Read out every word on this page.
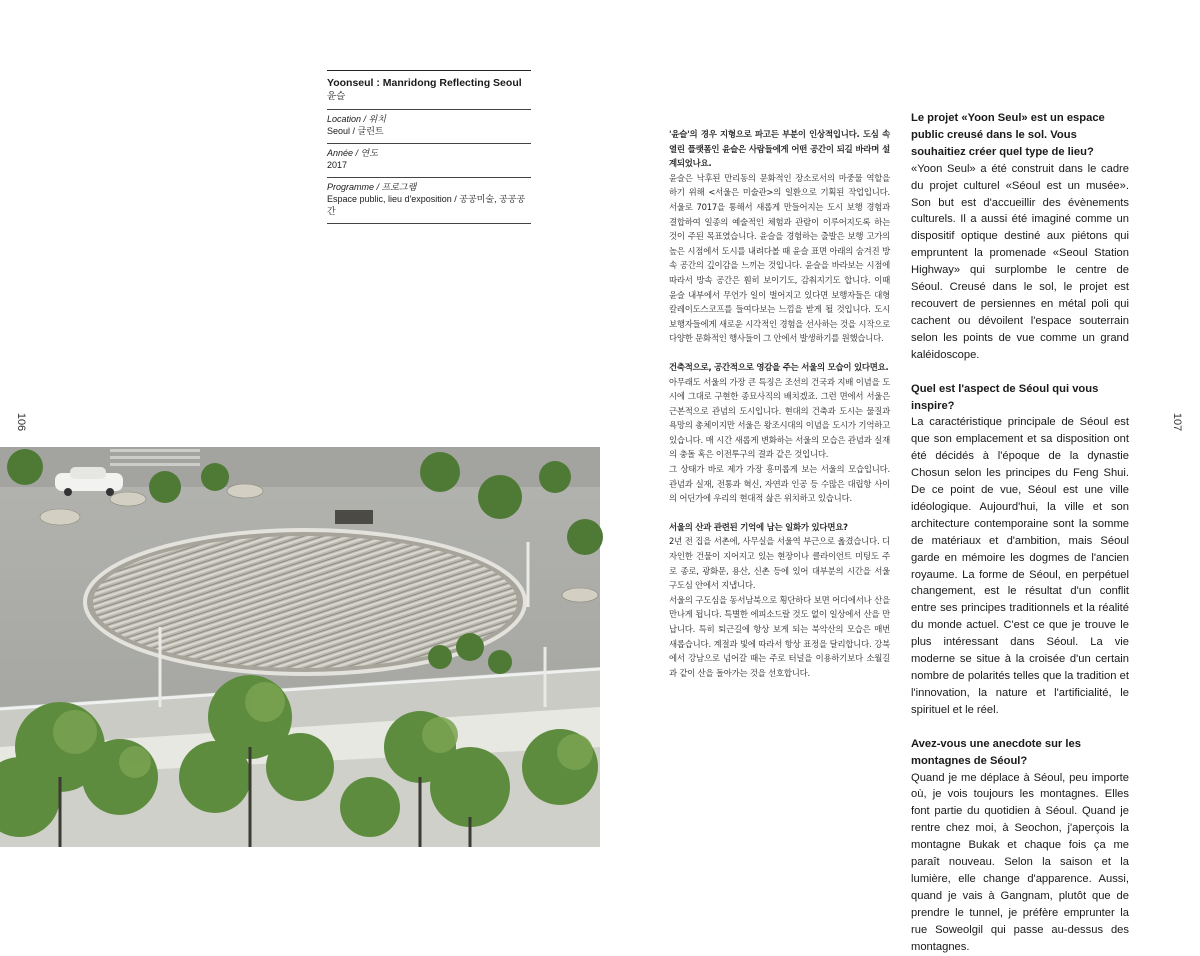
106	107
Yoonseul : Manridong Reflecting Seoul
윤슬
Location / 위치
Seoul / 글린트
Année / 연도
2017
Programme / 프로그램
Espace public, lieu d'exposition / 공공미술, 공공공간

'윤슬'의 경우 지형으로 파고든 부분이 인상적입니다. 도심 속 열린 플랫폼인 윤슬은 사람들에게 어떤 공간이 되길 바라며 설계되었나요.

윤슬은 낙후된 만리동의 문화적인 장소로서의 마중물 역할을 하기 위해 <서울은 미술관>의 일환으로 기획된 작업입니다. 서울로 7017을 통해서 새롭게 만들어지는 도시 보행 경험과 결합하여 일종의 예술적인 체험과 관람이 이루어지도록 하는 것이 주된 목표였습니다. 윤슬을 경험하는 출발은 보행 고가의 높은 시점에서 도시를 내려다볼 때 윤슬 표면 아래의 숨겨진 방속 공간의 깊이감을 느끼는 것입니다. 윤슬을 바라보는 시점에 따라서 방속 공간은 훤히 보이기도, 감춰지기도 합니다. 이때 윤슬 내부에서 무언가 일이 벌어지고 있다면 보행자들은 대형 칼레이도스코프를 들여다보는 느낌을 받게 될 것입니다. 도시 보행자들에게 새로운 시각적인 경험을 선사하는 것을 시작으로 다양한 문화적인 행사들이 그 안에서 발생하기를 원했습니다.

건축적으로, 공간적으로 영감을 주는 서울의 모습이 있다면요.

아무래도 서울의 가장 큰 특징은 조선의 건국과 지배 이념을 도시에 그대로 구현한 종묘사직의 배치겠죠. 그런 면에서 서울은 근본적으로 관념의 도시입니다. 현대의 건축과 도시는 물질과 욕망의 총체이지만 서울은 왕조시대의 이념을 도시가 기억하고 있습니다. 매 시간 새롭게 변화하는 서울의 모습은 관념과 실재의 충돌 혹은 이전투구의 결과 같은 것입니다.

그 상태가 바로 제가 가장 흥미롭게 보는 서울의 모습입니다. 관념과 실재, 전통과 혁신, 자연과 인공 등 수많은 대립항 사이의 어딘가에 우리의 현대적 삶은 위치하고 있습니다.

서울의 산과 관련된 기억에 남는 일화가 있다면요?

2년 전 집을 서촌에, 사무실을 서울역 부근으로 옮겼습니다. 디자인한 건물이 지어지고 있는 현장이나 클라이언트 미팅도 주로 종로, 광화문, 용산, 신촌 등에 있어 대부분의 시간을 서울 구도심 안에서 지냅니다.

서울의 구도심을 동서남북으로 횡단하다 보면 어디에서나 산을 만나게 됩니다. 특별한 에피소드랄 것도 없이 일상에서 산을 만납니다. 특히 퇴근길에 항상 보게 되는 북악산의 모습은 매번 새롭습니다. 계절과 빛에 따라서 항상 표정을 달리합니다. 강북에서 강남으로 넘어갈 때는 주로 터널을 이용하기보다 소월길과 같이 산을 돌아가는 것을 선호합니다.

Le projet «Yoon Seul» est un espace public creusé dans le sol. Vous souhaitiez créer quel type de lieu?

«Yoon Seul» a été construit dans le cadre du projet culturel «Séoul est un musée». Son but est d'accueillir des évènements culturels. Il a aussi été imaginé comme un dispositif optique destiné aux piétons qui empruntent la promenade «Seoul Station Highway» qui surplombe le centre de Séoul. Creusé dans le sol, le projet est recouvert de persiennes en métal poli qui cachent ou dévoilent l'espace souterrain selon les points de vue comme un grand kaléidoscope.

Quel est l'aspect de Séoul qui vous inspire?

La caractéristique principale de Séoul est que son emplacement et sa disposition ont été décidés à l'époque de la dynastie Chosun selon les principes du Feng Shui. De ce point de vue, Séoul est une ville idéologique. Aujourd'hui, la ville et son architecture contemporaine sont la somme de matériaux et d'ambition, mais Séoul garde en mémoire les dogmes de l'ancien royaume. La forme de Séoul, en perpétuel changement, est le résultat d'un conflit entre ses principes traditionnels et la réalité du monde actuel. C'est ce que je trouve le plus intéressant dans Séoul. La vie moderne se situe à la croisée d'un certain nombre de polarités telles que la tradition et l'innovation, la nature et l'artificialité, le spirituel et le réel.

Avez-vous une anecdote sur les montagnes de Séoul?

Quand je me déplace à Séoul, peu importe où, je vois toujours les montagnes. Elles font partie du quotidien à Séoul. Quand je rentre chez moi, à Seochon, j'aperçois la montagne Bukak et chaque fois ça me paraît nouveau. Selon la saison et la lumière, elle change d'apparence. Aussi, quand je vais à Gangnam, plutôt que de prendre le tunnel, je préfère emprunter la rue Soweolgil qui passe au-dessus des montagnes.
